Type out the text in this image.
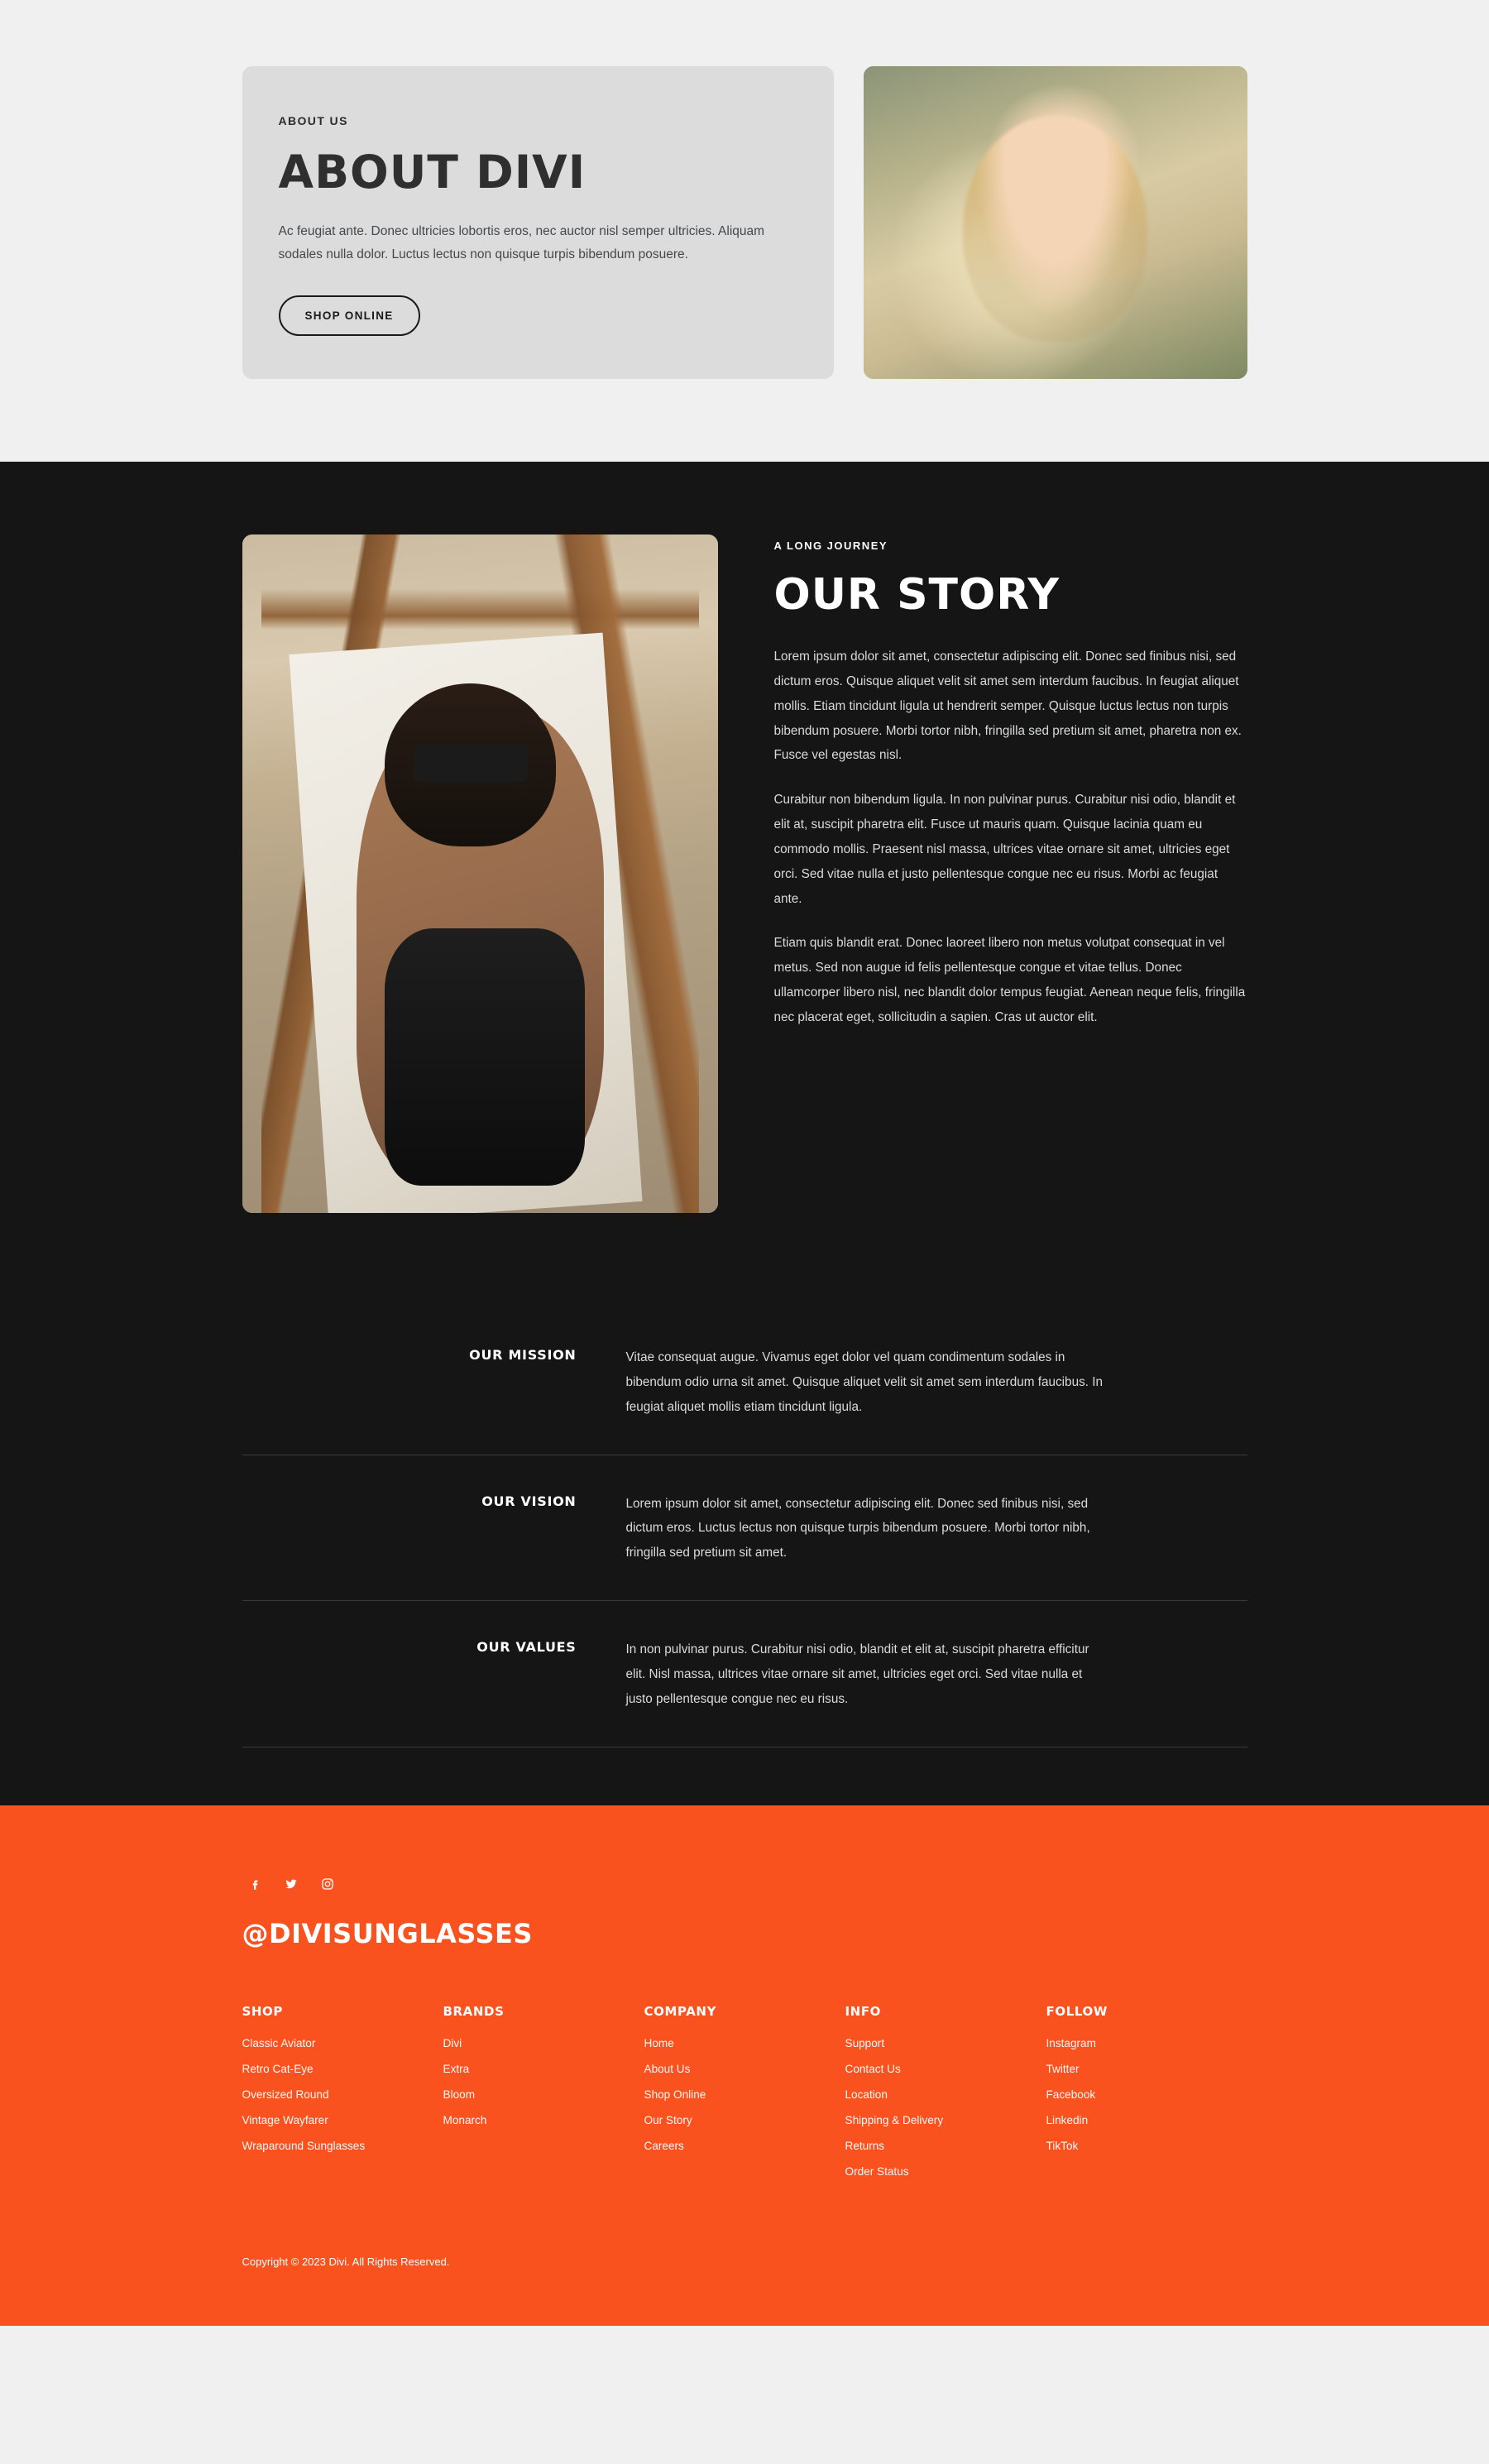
ABOUT US
ABOUT DIVI

Ac feugiat ante. Donec ultricies lobortis eros, nec auctor nisl semper ultricies. Aliquam sodales nulla dolor. Luctus lectus non quisque turpis bibendum posuere.

SHOP ONLINE
A LONG JOURNEY
OUR STORY

Lorem ipsum dolor sit amet, consectetur adipiscing elit. Donec sed finibus nisi, sed dictum eros. Quisque aliquet velit sit amet sem interdum faucibus. In feugiat aliquet mollis. Etiam tincidunt ligula ut hendrerit semper. Quisque luctus lectus non turpis bibendum posuere. Morbi tortor nibh, fringilla sed pretium sit amet, pharetra non ex. Fusce vel egestas nisl.

Curabitur non bibendum ligula. In non pulvinar purus. Curabitur nisi odio, blandit et elit at, suscipit pharetra elit. Fusce ut mauris quam. Quisque lacinia quam eu commodo mollis. Praesent nisl massa, ultrices vitae ornare sit amet, ultricies eget orci. Sed vitae nulla et justo pellentesque congue nec eu risus. Morbi ac feugiat ante.

Etiam quis blandit erat. Donec laoreet libero non metus volutpat consequat in vel metus. Sed non augue id felis pellentesque congue et vitae tellus. Donec ullamcorper libero nisl, nec blandit dolor tempus feugiat. Aenean neque felis, fringilla nec placerat eget, sollicitudin a sapien. Cras ut auctor elit.

OUR MISSION	Vitae consequat augue. Vivamus eget dolor vel quam condimentum sodales in bibendum odio urna sit amet. Quisque aliquet velit sit amet sem interdum faucibus. In feugiat aliquet mollis etiam tincidunt ligula.
OUR VISION	Lorem ipsum dolor sit amet, consectetur adipiscing elit. Donec sed finibus nisi, sed dictum eros. Luctus lectus non quisque turpis bibendum posuere. Morbi tortor nibh, fringilla sed pretium sit amet.
OUR VALUES	In non pulvinar purus. Curabitur nisi odio, blandit et elit at, suscipit pharetra efficitur elit. Nisl massa, ultrices vitae ornare sit amet, ultricies eget orci. Sed vitae nulla et justo pellentesque congue nec eu risus.
@DIVISUNGLASSES
SHOP
Classic Aviator
Retro Cat-Eye
Oversized Round
Vintage Wayfarer
Wraparound Sunglasses
BRANDS
Divi
Extra
Bloom
Monarch
COMPANY
Home
About Us
Shop Online
Our Story
Careers
INFO
Support
Contact Us
Location
Shipping & Delivery
Returns
Order Status
FOLLOW
Instagram
Twitter
Facebook
Linkedin
TikTok
Copyright © 2023 Divi. All Rights Reserved.
